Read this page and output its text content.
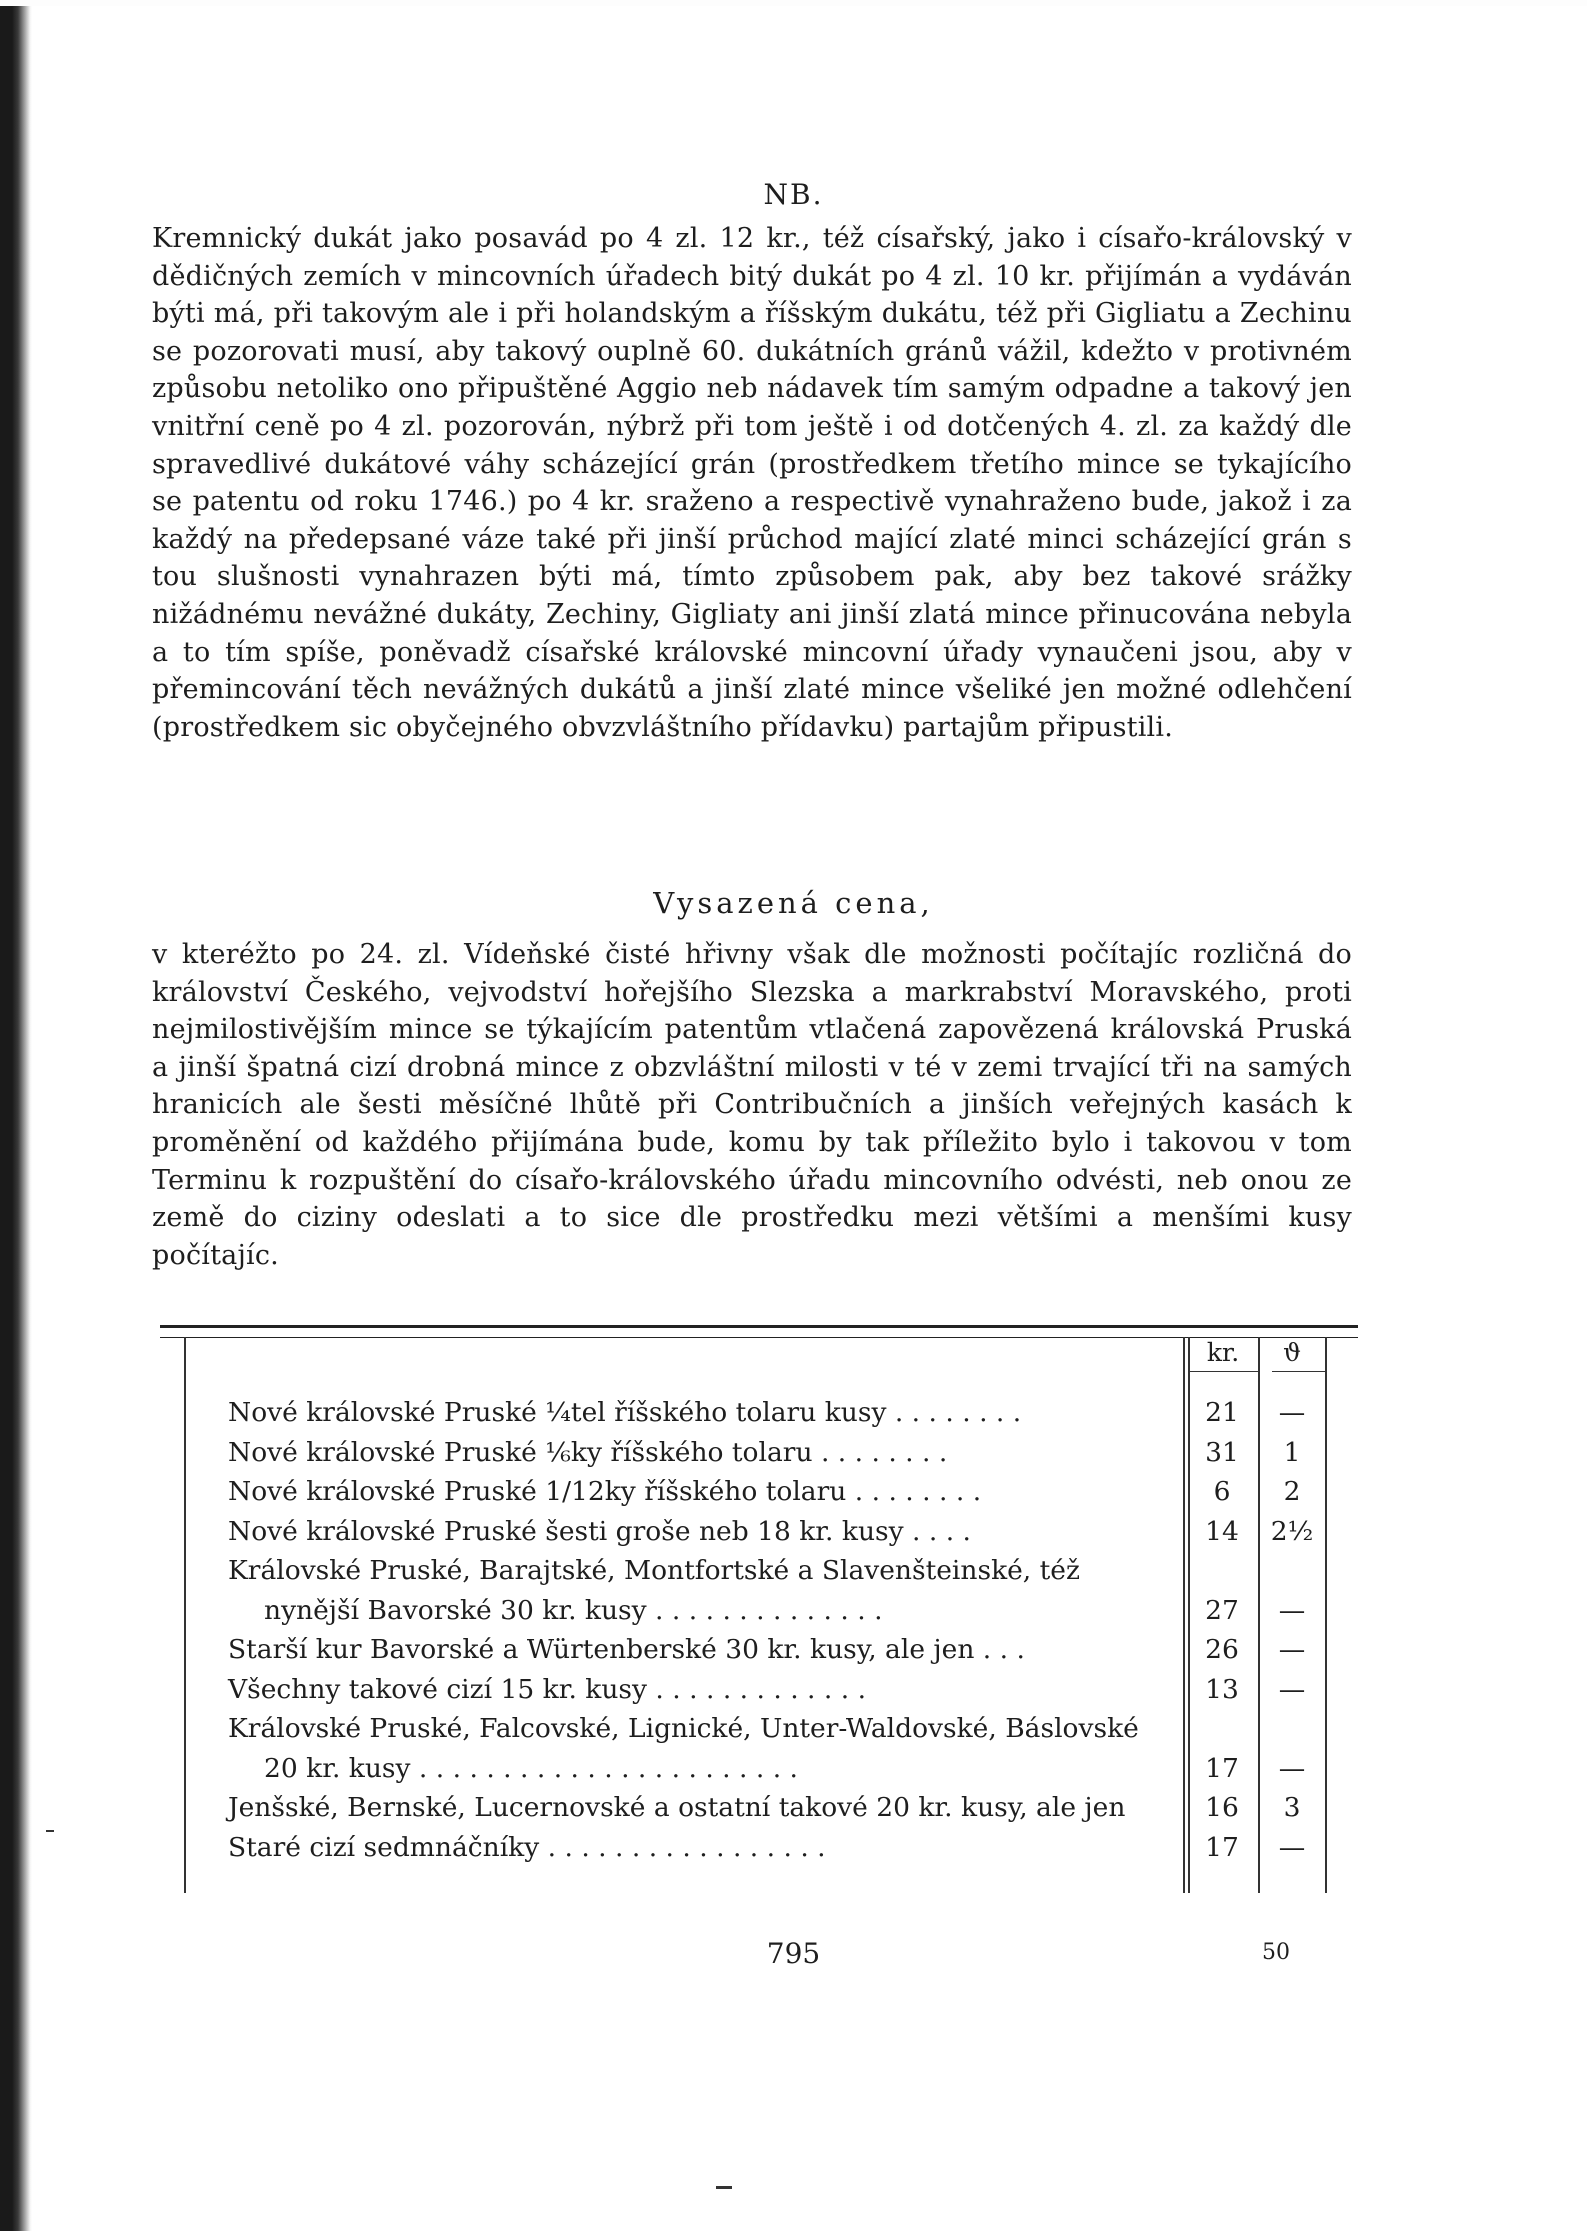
NB.
Kremnický dukát jako posavád po 4 zl. 12 kr., též císařský, jako i císařo-královský v dědičných zemích v mincovních úřadech bitý dukát po 4 zl. 10 kr. přijímán a vydáván býti má, při takovým ale i při holandským a říšským dukátu, též při Gigliatu a Zechinu se pozorovati musí, aby takový ouplně 60. dukátních gránů vážil, kdežto v protivném způsobu netoliko ono připuštěné Aggio neb nádavek tím samým odpadne a takový jen vnitřní ceně po 4 zl. pozorován, nýbrž při tom ještě i od dotčených 4. zl. za každý dle spravedlivé dukátové váhy scházející grán (prostředkem třetího mince se tykajícího se patentu od roku 1746.) po 4 kr. sraženo a respectivě vynahraženo bude, jakož i za každý na předepsané váze také při jinší průchod mající zlaté minci scházející grán s tou slušnosti vynahrazen býti má, tímto způsobem pak, aby bez takové srážky nižádnému nevážné dukáty, Zechiny, Gigliaty ani jinší zlatá mince přinucována nebyla a to tím spíše, poněvadž císařské královské mincovní úřady vynaučeni jsou, aby v přemincování těch nevážných dukátů a jinší zlaté mince všeliké jen možné odlehčení (prostředkem sic obyčejného obvzvláštního přídavku) partajům připustili.
Vysazená cena,
v kteréžto po 24. zl. Vídeňské čisté hřivny však dle možnosti počítajíc rozličná do království Českého, vejvodství hořejšího Slezska a markrabství Moravského, proti nejmilostivějším mince se týkajícím patentům vtlačená zapovězená královská Pruská a jinší špatná cizí drobná mince z obzvláštní milosti v té v zemi trvající tři na samých hranicích ale šesti měsíčné lhůtě při Contribučních a jinších veřejných kasách k proměnění od každého přijímána bude, komu by tak příležito bylo i takovou v tom Terminu k rozpuštění do císařo-královského úřadu mincovního odvésti, neb onou ze země do ciziny odeslati a to sice dle prostředku mezi většími a menšími kusy počítajíc.
kr.	ϑ
Nové královské Pruské ¼tel říšského tolaru kusy . . . . . . . .	21	—
Nové královské Pruské ⅙ky říšského tolaru . . . . . . . .	31	1
Nové královské Pruské 1/12ky říšského tolaru . . . . . . . .	6	2
Nové královské Pruské šesti groše neb 18 kr. kusy . . . .	14	2½
Královské Pruské, Barajtské, Montfortské a Slavenšteinské, též
nynější Bavorské 30 kr. kusy . . . . . . . . . . . . . .	27	—
Starší kur Bavorské a Würtenberské 30 kr. kusy, ale jen . . .	26	—
Všechny takové cizí 15 kr. kusy . . . . . . . . . . . . .	13	—
Královské Pruské, Falcovské, Lignické, Unter-Waldovské, Báslovské
20 kr. kusy . . . . . . . . . . . . . . . . . . . . . . .	17	—
Jenšské, Bernské, Lucernovské a ostatní takové 20 kr. kusy, ale jen	16	3
Staré cizí sedmnáčníky . . . . . . . . . . . . . . . . .	17	—
795	50
